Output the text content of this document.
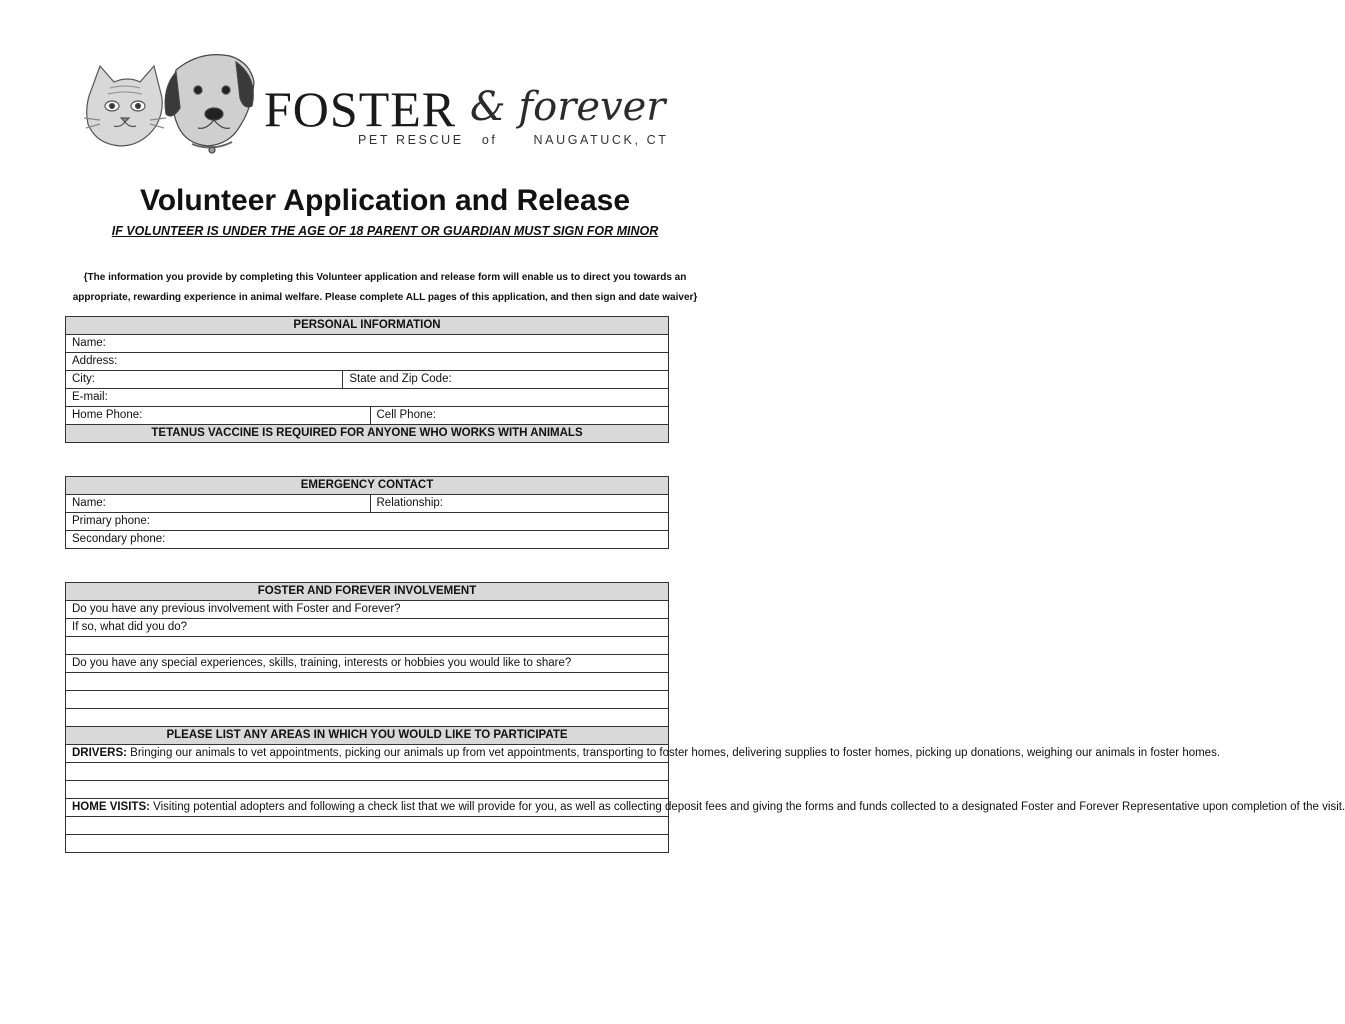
FOSTER & forever
PET RESCUE   of	NAUGATUCK, CT
Volunteer Application and Release
IF VOLUNTEER IS UNDER THE AGE OF 18 PARENT OR GUARDIAN MUST SIGN FOR MINOR
{The information you provide by completing this Volunteer application and release form will enable us to direct you towards an appropriate, rewarding experience in animal welfare. Please complete ALL pages of this application, and then sign and date waiver}
PERSONAL INFORMATION		
Name:		
Address:		
City:	State and Zip Code:	
E-mail:		
Home Phone:		Cell Phone:
TETANUS VACCINE IS REQUIRED FOR ANYONE WHO WORKS WITH ANIMALS		
EMERGENCY CONTACT
Name:	Relationship:
Primary phone:
Secondary phone:
FOSTER AND FOREVER INVOLVEMENT
Do you have any previous involvement with Foster and Forever?
If so, what did you do?

Do you have any special experiences, skills, training, interests or hobbies you would like to share?

PLEASE LIST ANY AREAS IN WHICH YOU WOULD LIKE TO PARTICIPATE
DRIVERS: Bringing our animals to vet appointments, picking our animals up from vet appointments, transporting to foster homes, delivering supplies to foster homes, picking up donations, weighing our animals in foster homes.

HOME VISITS: Visiting potential adopters and following a check list that we will provide for you, as well as collecting deposit fees and giving the forms and funds collected to a designated Foster and Forever Representative upon completion of the visit.
